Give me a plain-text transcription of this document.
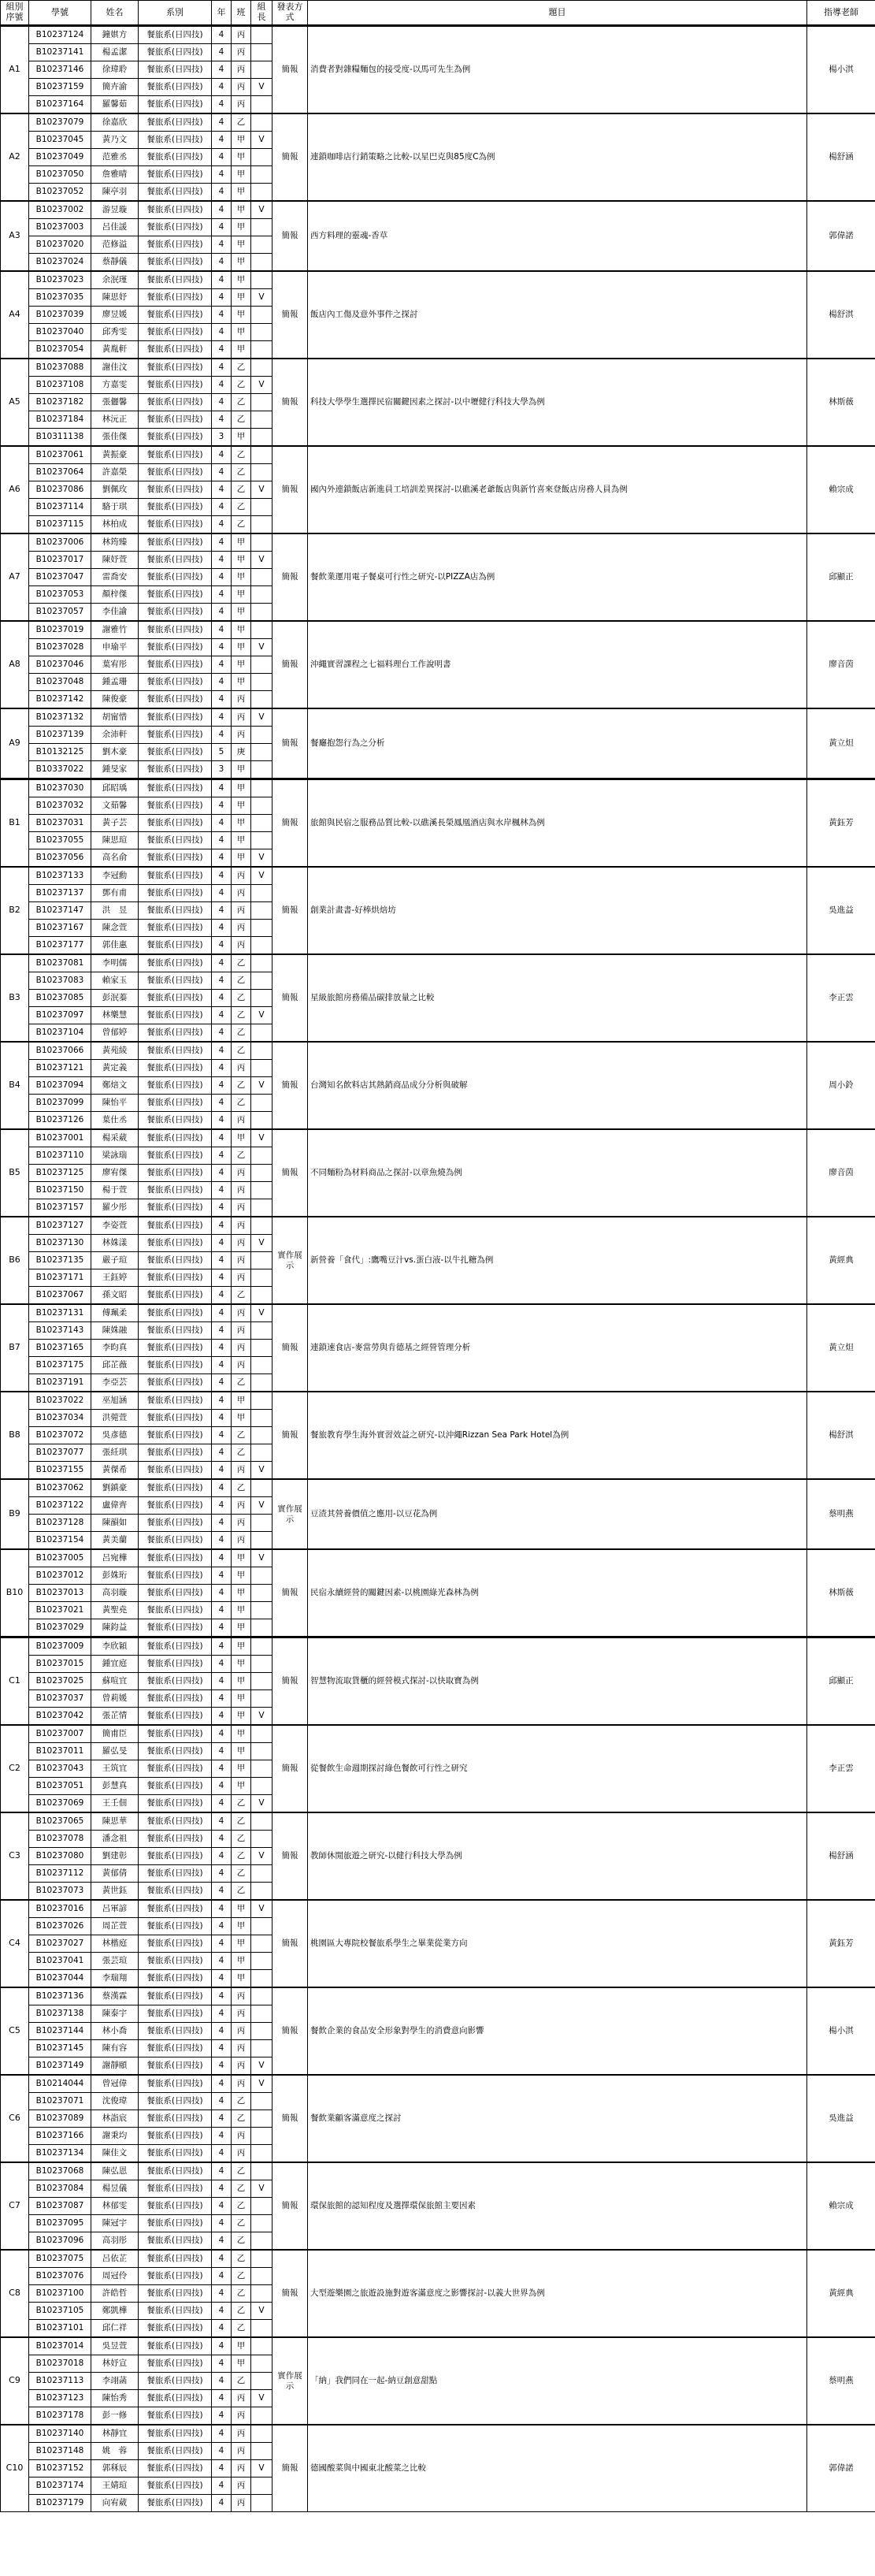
組別序號	學號	姓名	系別	年	班	組長	發表方式	題目	指導老師
A1	B10237124	鐘娸方	餐旅系(日四技)	4	丙		簡報	消費者對雜糧麵包的接受度-以馬可先生為例	楊小淇
	B10237141	楊孟潔	餐旅系(日四技)	4	丙				
	B10237146	徐瑋聆	餐旅系(日四技)	4	丙				
	B10237159	簡卉渝	餐旅系(日四技)	4	丙	V			
	B10237164	羅馨茹	餐旅系(日四技)	4	丙				
A2	B10237079	徐嘉欣	餐旅系(日四技)	4	乙		簡報	連鎖咖啡店行銷策略之比較-以星巴克與85度C為例	楊舒涵
	B10237045	黃乃文	餐旅系(日四技)	4	甲	V			
	B10237049	范雅丞	餐旅系(日四技)	4	甲				
	B10237050	詹雅晴	餐旅系(日四技)	4	甲				
	B10237052	陳亭羽	餐旅系(日四技)	4	甲				
A3	B10237002	游昱璇	餐旅系(日四技)	4	甲	V	簡報	西方料理的靈魂-香草	郭偉諾
	B10237003	呂佳諼	餐旅系(日四技)	4	甲				
	B10237020	范修溢	餐旅系(日四技)	4	甲				
	B10237024	蔡靜儀	餐旅系(日四技)	4	甲				
A4	B10237023	余泯瑾	餐旅系(日四技)	4	甲		簡報	飯店內工傷及意外事件之探討	楊舒淇
	B10237035	陳思妤	餐旅系(日四技)	4	甲	V			
	B10237039	廖昱媛	餐旅系(日四技)	4	甲				
	B10237040	邱秀雯	餐旅系(日四技)	4	甲				
	B10237054	黃胤軒	餐旅系(日四技)	4	甲				
A5	B10237088	謝佳汶	餐旅系(日四技)	4	乙		簡報	科技大學學生選擇民宿關鍵因素之探討-以中壢健行科技大學為例	林斯薇
	B10237108	方嘉雯	餐旅系(日四技)	4	乙	V			
	B10237182	張儷馨	餐旅系(日四技)	4	乙				
	B10237184	林沅正	餐旅系(日四技)	4	乙				
	B10311138	張佳傑	餐旅系(日四技)	3	甲				
A6	B10237061	黃振豪	餐旅系(日四技)	4	乙		簡報	國內外連鎖飯店新進員工培訓差異探討-以礁溪老爺飯店與新竹喜來登飯店房務人員為例	賴宗成
	B10237064	許嘉榮	餐旅系(日四技)	4	乙				
	B10237086	劉佩玫	餐旅系(日四技)	4	乙	V			
	B10237114	駱于琪	餐旅系(日四技)	4	乙				
	B10237115	林柏成	餐旅系(日四技)	4	乙				
A7	B10237006	林筠臻	餐旅系(日四技)	4	甲		簡報	餐飲業運用電子餐桌可行性之研究-以PIZZA店為例	邱顯正
	B10237017	陳妤萱	餐旅系(日四技)	4	甲	V			
	B10237047	雷喬安	餐旅系(日四技)	4	甲				
	B10237053	顏梓傑	餐旅系(日四技)	4	甲				
	B10237057	李佳諭	餐旅系(日四技)	4	甲				
A8	B10237019	謝雅竹	餐旅系(日四技)	4	甲		簡報	沖繩實習課程之七福料理台工作說明書	廖音茵
	B10237028	申瑜平	餐旅系(日四技)	4	甲	V			
	B10237046	葉宥彤	餐旅系(日四技)	4	甲				
	B10237048	鍾孟珊	餐旅系(日四技)	4	甲				
	B10237142	陳俊豪	餐旅系(日四技)	4	丙				
A9	B10237132	胡甯惜	餐旅系(日四技)	4	丙	V	簡報	餐廳抱怨行為之分析	黃立炟
	B10237139	余沛軒	餐旅系(日四技)	4	丙				
	B10132125	劉木豪	餐旅系(日四技)	5	庚				
	B10337022	鍾旻家	餐旅系(日四技)	3	甲				
B1	B10237030	邱昭瑀	餐旅系(日四技)	4	甲		簡報	旅館與民宿之服務品質比較-以礁溪長榮鳳凰酒店與水岸楓林為例	黃鈺芳
	B10237032	文茹馨	餐旅系(日四技)	4	甲				
	B10237031	黃子芸	餐旅系(日四技)	4	甲				
	B10237055	陳思瑄	餐旅系(日四技)	4	甲				
	B10237056	高名俞	餐旅系(日四技)	4	甲	V			
B2	B10237133	李冠勳	餐旅系(日四技)	4	丙	V	簡報	創業計畫書-好棒烘焙坊	吳進益
	B10237137	鄧有甫	餐旅系(日四技)	4	丙				
	B10237147	洪　昱	餐旅系(日四技)	4	丙				
	B10237167	陳念萱	餐旅系(日四技)	4	丙				
	B10237177	郭佳惠	餐旅系(日四技)	4	丙				
B3	B10237081	李明儒	餐旅系(日四技)	4	乙		簡報	星級旅館房務備品碳排放量之比較	李正雲
	B10237083	賴家玉	餐旅系(日四技)	4	乙				
	B10237085	彭泯蓁	餐旅系(日四技)	4	乙				
	B10237097	林樂慧	餐旅系(日四技)	4	乙	V			
	B10237104	曾郁婷	餐旅系(日四技)	4	乙				
B4	B10237066	黃苑綾	餐旅系(日四技)	4	乙		簡報	台灣知名飲料店其熱銷商品成分分析與破解	周小鈴
	B10237121	黃定義	餐旅系(日四技)	4	丙				
	B10237094	鄭焙文	餐旅系(日四技)	4	乙	V			
	B10237099	陳怡平	餐旅系(日四技)	4	乙				
	B10237126	葉仕丞	餐旅系(日四技)	4	丙				
B5	B10237001	楊采葳	餐旅系(日四技)	4	甲	V	簡報	不同麵粉為材料商品之探討-以章魚燒為例	廖音茵
	B10237110	梁詠瑞	餐旅系(日四技)	4	乙				
	B10237125	廖宥傑	餐旅系(日四技)	4	丙				
	B10237150	楊于萱	餐旅系(日四技)	4	丙				
	B10237157	羅少彤	餐旅系(日四技)	4	丙				
B6	B10237127	李姿萱	餐旅系(日四技)	4	丙		實作展示	新營養「食代」:鷹嘴豆汁vs.蛋白液-以牛扎糖為例	黃經典
	B10237130	林姝漾	餐旅系(日四技)	4	丙	V			
	B10237135	嚴子瑄	餐旅系(日四技)	4	丙				
	B10237171	王鈺婷	餐旅系(日四技)	4	丙				
	B10237067	孫文昭	餐旅系(日四技)	4	乙				
B7	B10237131	傅珮柔	餐旅系(日四技)	4	丙	V	簡報	連鎖速食店-麥當勞與肯德基之經營管理分析	黃立炟
	B10237143	陳姝融	餐旅系(日四技)	4	丙				
	B10237165	李昀真	餐旅系(日四技)	4	丙				
	B10237175	邱芷薇	餐旅系(日四技)	4	丙				
	B10237191	李亞芸	餐旅系(日四技)	4	乙				
B8	B10237022	巫旭涵	餐旅系(日四技)	4	甲		簡報	餐旅教育學生海外實習效益之研究-以沖繩Rizzan Sea Park Hotel為例	楊舒淇
	B10237034	洪菀萱	餐旅系(日四技)	4	甲				
	B10237072	吳彥德	餐旅系(日四技)	4	乙				
	B10237077	張紝琪	餐旅系(日四技)	4	乙				
	B10237155	黃傑希	餐旅系(日四技)	4	丙	V			
B9	B10237062	劉鎮豪	餐旅系(日四技)	4	乙		實作展示	豆渣其營養價值之應用-以豆花為例	蔡明燕
	B10237122	盧偉齊	餐旅系(日四技)	4	丙	V			
	B10237128	陳韻如	餐旅系(日四技)	4	丙				
	B10237154	黃美蘭	餐旅系(日四技)	4	丙				
B10	B10237005	呂宛樺	餐旅系(日四技)	4	甲	V	簡報	民宿永續經營的關鍵因素-以桃園綠光森林為例	林斯薇
	B10237012	彭姝珩	餐旅系(日四技)	4	甲				
	B10237013	高羽璇	餐旅系(日四技)	4	甲				
	B10237021	黃聖堯	餐旅系(日四技)	4	甲				
	B10237029	陳鈞益	餐旅系(日四技)	4	甲				
C1	B10237009	李欣穎	餐旅系(日四技)	4	甲		簡報	智慧物流取貨櫃的經營模式探討-以快取寶為例	邱顯正
	B10237015	鍾宜庭	餐旅系(日四技)	4	甲				
	B10237025	蘇喧宜	餐旅系(日四技)	4	甲				
	B10237037	曾莉媛	餐旅系(日四技)	4	甲				
	B10237042	張芷情	餐旅系(日四技)	4	甲	V			
C2	B10237007	簡甫臣	餐旅系(日四技)	4	甲		簡報	從餐飲生命週期探討綠色餐飲可行性之研究	李正雲
	B10237011	羅弘旻	餐旅系(日四技)	4	甲				
	B10237043	王筑宜	餐旅系(日四技)	4	甲				
	B10237051	彭慧真	餐旅系(日四技)	4	甲				
	B10237069	王壬佃	餐旅系(日四技)	4	乙	V			
C3	B10237065	陳思華	餐旅系(日四技)	4	乙		簡報	教師休閒旅遊之研究-以健行科技大學為例	楊舒涵
	B10237078	潘念祖	餐旅系(日四技)	4	乙				
	B10237080	劉建彰	餐旅系(日四技)	4	乙	V			
	B10237112	黃郁倩	餐旅系(日四技)	4	乙				
	B10237073	黃世鈺	餐旅系(日四技)	4	乙				
C4	B10237016	呂軍諺	餐旅系(日四技)	4	甲	V	簡報	桃園區大專院校餐旅系學生之畢業從業方向	黃鈺芳
	B10237026	周芷萱	餐旅系(日四技)	4	甲				
	B10237027	林楷庭	餐旅系(日四技)	4	甲				
	B10237041	張芸瑄	餐旅系(日四技)	4	甲				
	B10237044	李瑞翔	餐旅系(日四技)	4	甲				
C5	B10237136	蔡漢霖	餐旅系(日四技)	4	丙		簡報	餐飲企業的食品安全形象對學生的消費意向影響	楊小淇
	B10237138	陳泰宇	餐旅系(日四技)	4	丙				
	B10237144	林小喬	餐旅系(日四技)	4	丙				
	B10237145	陳有容	餐旅系(日四技)	4	丙				
	B10237149	謝靜頤	餐旅系(日四技)	4	丙	V			
C6	B10214044	曾冠偉	餐旅系(日四技)	4	丙	V	簡報	餐飲業顧客滿意度之探討	吳進益
	B10237071	沈俊瑋	餐旅系(日四技)	4	乙				
	B10237089	林詣宸	餐旅系(日四技)	4	乙				
	B10237166	謝秉均	餐旅系(日四技)	4	丙				
	B10237134	陳佳文	餐旅系(日四技)	4	丙				
C7	B10237068	陳弘恩	餐旅系(日四技)	4	乙		簡報	環保旅館的認知程度及選擇環保旅館主要因素	賴宗成
	B10237084	楊昱儀	餐旅系(日四技)	4	乙	V			
	B10237087	林郁雯	餐旅系(日四技)	4	乙				
	B10237095	陳冠宇	餐旅系(日四技)	4	乙				
	B10237096	高羽彤	餐旅系(日四技)	4	乙				
C8	B10237075	呂依芷	餐旅系(日四技)	4	乙		簡報	大型遊樂園之旅遊設施對遊客滿意度之影響探討-以義大世界為例	黃經典
	B10237076	周冠伶	餐旅系(日四技)	4	乙				
	B10237100	許皓哲	餐旅系(日四技)	4	乙				
	B10237105	鄭凱樺	餐旅系(日四技)	4	乙	V			
	B10237101	邱仁祥	餐旅系(日四技)	4	乙				
C9	B10237014	吳昱萱	餐旅系(日四技)	4	甲		實作展示	「納」我們同在一起-納豆創意甜點	蔡明燕
	B10237018	林妤宣	餐旅系(日四技)	4	甲				
	B10237113	李翊菡	餐旅系(日四技)	4	乙				
	B10237123	陳怡秀	餐旅系(日四技)	4	丙	V			
	B10237178	彭一修	餐旅系(日四技)	4	丙				
C10	B10237140	林靜宜	餐旅系(日四技)	4	丙		簡報	德國酸菜與中國東北酸菜之比較	郭偉諾
	B10237148	姚　蓉	餐旅系(日四技)	4	丙				
	B10237152	郭秝辰	餐旅系(日四技)	4	丙	V			
	B10237174	王婧瑄	餐旅系(日四技)	4	丙				
	B10237179	向宥葳	餐旅系(日四技)	4	丙				
